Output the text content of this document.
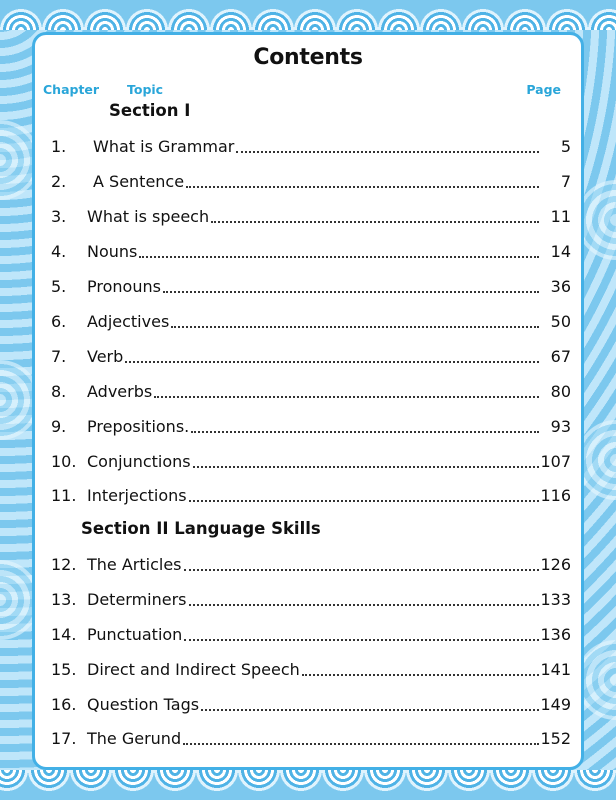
Contents
Chapter Topic	Page
Section I
Section II Language Skills
1. What is Grammar	5
2. A Sentence	7
3. What is speech	11
4. Nouns	14
5. Pronouns	36
6. Adjectives	50
7. Verb	67
8. Adverbs	80
9. Prepositions.	93
10. Conjunctions	107
11. Interjections	116
12. The Articles	126
13. Determiners	133
14. Punctuation	136
15. Direct and Indirect Speech	141
16. Question Tags	149
17. The Gerund	152
